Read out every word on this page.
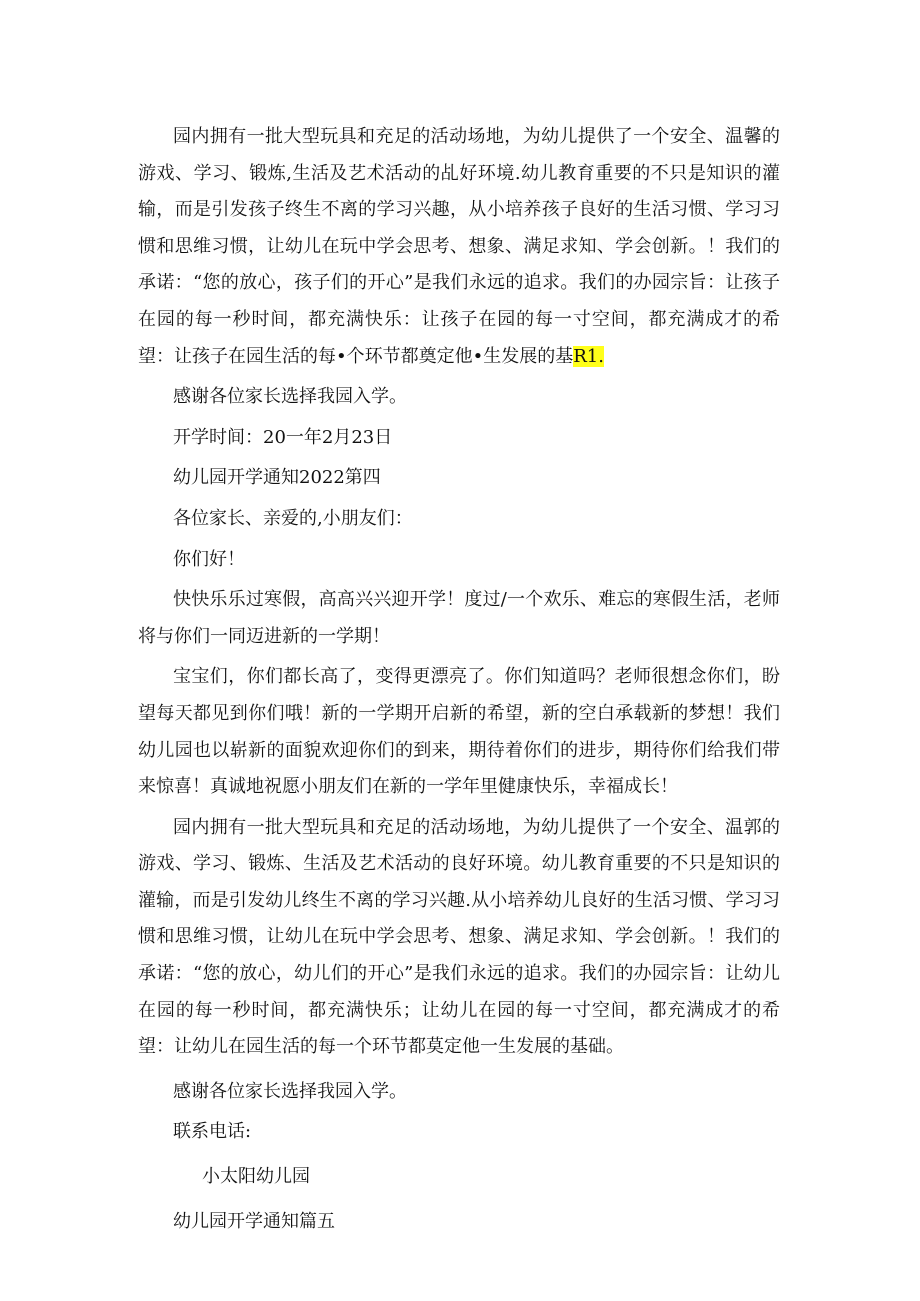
园内拥有一批大型玩具和充足的活动场地，为幼儿提供了一个安全、温馨的游戏、学习、锻炼,生活及艺术活动的乩好环境.幼儿教育重要的不只是知识的灌输，而是引发孩子终生不离的学习兴趣，从小培养孩子良好的生活习惯、学习习惯和思维习惯，让幼儿在玩中学会思考、想象、满足求知、学会创新。！我们的承诺：“您的放心，孩子们的开心”是我们永远的追求。我们的办园宗旨：让孩子在园的每一秒时间，都充满快乐：让孩子在园的每一寸空间，都充满成才的希望：让孩子在园生活的每•个环节都奠定他•生发展的基R1.

感谢各位家长选择我园入学。

开学时间：20一年2月23日

幼儿园开学通知2022第四

各位家长、亲爱的,小朋友们：

你们好！

快快乐乐过寒假，高高兴兴迎开学！度过/一个欢乐、难忘的寒假生活，老师将与你们一同迈进新的一学期！

宝宝们，你们都长高了，变得更漂亮了。你们知道吗？老师很想念你们，盼望每天都见到你们哦！新的一学期开启新的希望，新的空白承载新的梦想！我们幼儿园也以崭新的面貌欢迎你们的到来，期待着你们的进步，期待你们给我们带来惊喜！真诚地祝愿小朋友们在新的一学年里健康快乐，幸福成长！

园内拥有一批大型玩具和充足的活动场地，为幼儿提供了一个安全、温郭的游戏、学习、锻炼、生活及艺术活动的良好环境。幼儿教育重要的不只是知识的灌输，而是引发幼儿终生不离的学习兴趣.从小培养幼儿良好的生活习惯、学习习惯和思维习惯，让幼儿在玩中学会思考、想象、满足求知、学会创新。！我们的承诺：“您的放心，幼儿们的开心”是我们永远的追求。我们的办园宗旨：让幼儿在园的每一秒时间，都充满快乐；让幼儿在园的每一寸空间，都充满成才的希望：让幼儿在园生活的每一个环节都莫定他一生发展的基础。

感谢各位家长选择我园入学。

联系电话:

小太阳幼儿园

幼儿园开学通知篇五
